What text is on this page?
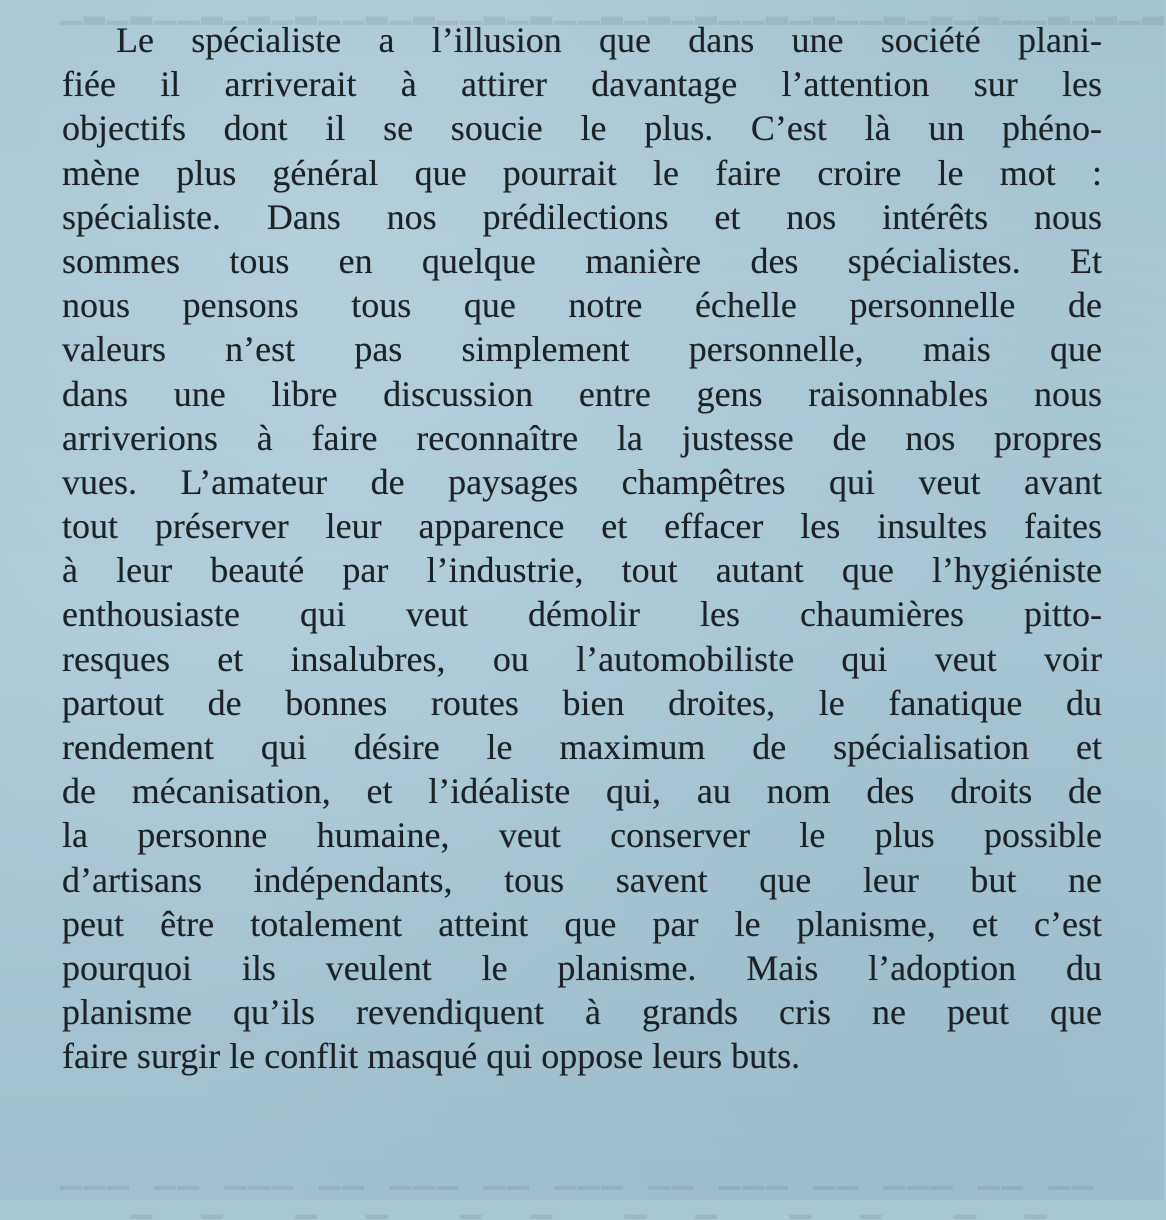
▁▂▁▂▁▁▂▁▂▁▂▁▁▂▁▂▁▁▂▁▂▁▁▂▁▂▁▂▁▁▂▁▂▁▁▂▁▂▁▂▁▁▂▁▂▁▂
Le spécialiste a l’illusion que dans une société plani-
fiée il arriverait à attirer davantage l’attention sur les
objectifs dont il se soucie le plus. C’est là un phéno-
mène plus général que pourrait le faire croire le mot :
spécialiste. Dans nos prédilections et nos intérêts nous
sommes tous en quelque manière des spécialistes. Et
nous pensons tous que notre échelle personnelle de
valeurs n’est pas simplement personnelle, mais que
dans une libre discussion entre gens raisonnables nous
arriverions à faire reconnaître la justesse de nos propres
vues. L’amateur de paysages champêtres qui veut avant
tout préserver leur apparence et effacer les insultes faites
à leur beauté par l’industrie, tout autant que l’hygiéniste
enthousiaste qui veut démolir les chaumières pitto-
resques et insalubres, ou l’automobiliste qui veut voir
partout de bonnes routes bien droites, le fanatique du
rendement qui désire le maximum de spécialisation et
de mécanisation, et l’idéaliste qui, au nom des droits de
la personne humaine, veut conserver le plus possible
d’artisans indépendants, tous savent que leur but ne
peut être totalement atteint que par le planisme, et c’est
pourquoi ils veulent le planisme. Mais l’adoption du
planisme qu’ils revendiquent à grands cris ne peut que
faire surgir le conflit masqué qui oppose leurs buts.
▔▔▔▁▔▔▁▔▔▔▁▔▔▁▔▔▔▁▔▔▁▔▔▔▁▔▔▁▔▔▔▁▔▔▁▔▔▔▁▔▔▁▔▔
